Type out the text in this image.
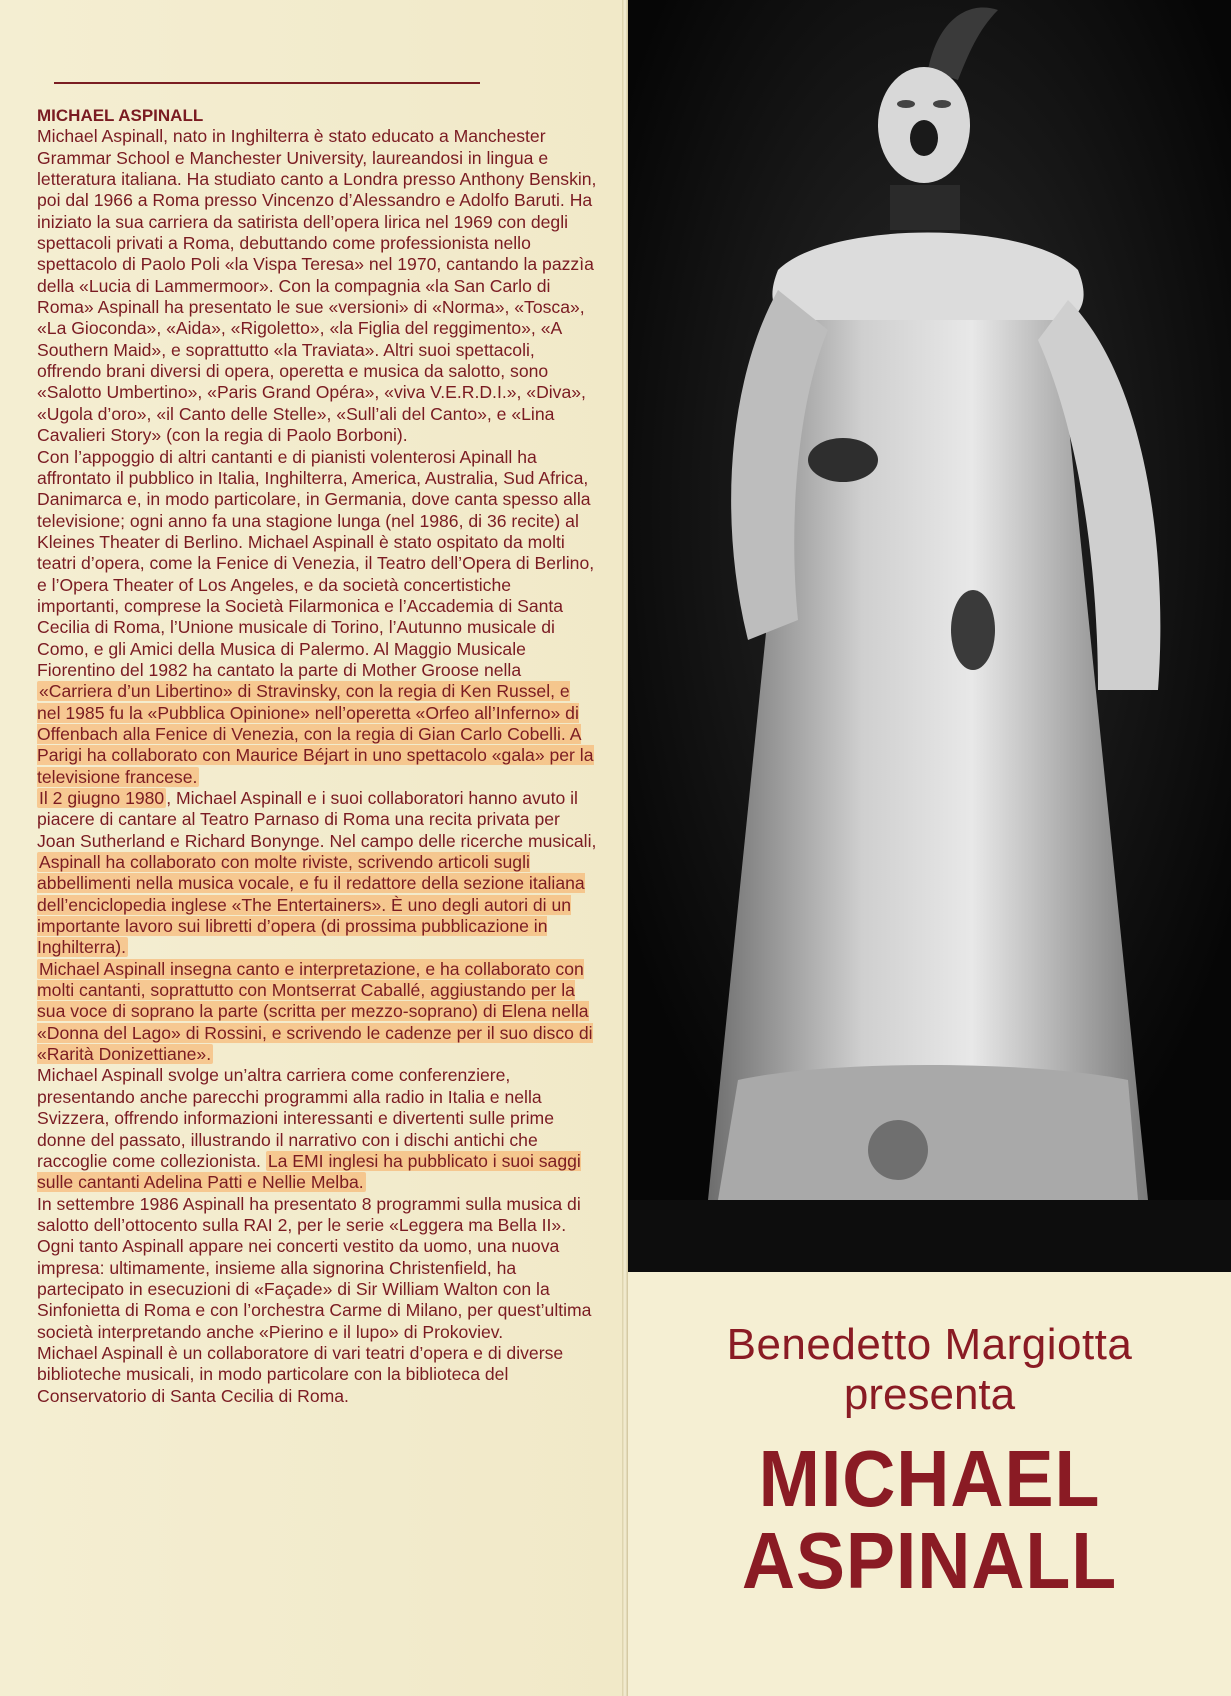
MICHAEL ASPINALL

Michael Aspinall, nato in Inghilterra è stato educato a Manchester Grammar School e Manchester University, laureandosi in lingua e letteratura italiana. Ha studiato canto a Londra presso Anthony Benskin, poi dal 1966 a Roma presso Vincenzo d’Alessandro e Adolfo Baruti. Ha iniziato la sua carriera da satirista dell’opera lirica nel 1969 con degli spettacoli privati a Roma, debuttando come professionista nello spettacolo di Paolo Poli «la Vispa Teresa» nel 1970, cantando la pazzìa della «Lucia di Lammermoor». Con la compagnia «la San Carlo di Roma» Aspinall ha presentato le sue «versioni» di «Norma», «Tosca», «La Gioconda», «Aida», «Rigoletto», «la Figlia del reggimento», «A Southern Maid», e soprattutto «la Traviata». Altri suoi spettacoli, offrendo brani diversi di opera, operetta e musica da salotto, sono «Salotto Umbertino», «Paris Grand Opéra», «viva V.E.R.D.I.», «Diva», «Ugola d’oro», «il Canto delle Stelle», «Sull’ali del Canto», e «Lina Cavalieri Story» (con la regia di Paolo Borboni).

Con l’appoggio di altri cantanti e di pianisti volenterosi Apinall ha affrontato il pubblico in Italia, Inghilterra, America, Australia, Sud Africa, Danimarca e, in modo particolare, in Germania, dove canta spesso alla televisione; ogni anno fa una stagione lunga (nel 1986, di 36 recite) al Kleines Theater di Berlino. Michael Aspinall è stato ospitato da molti teatri d’opera, come la Fenice di Venezia, il Teatro dell’Opera di Berlino, e l’Opera Theater of Los Angeles, e da società concertistiche importanti, comprese la Società Filarmonica e l’Accademia di Santa Cecilia di Roma, l’Unione musicale di Torino, l’Autunno musicale di Como, e gli Amici della Musica di Palermo. Al Maggio Musicale Fiorentino del 1982 ha cantato la parte di Mother Groose nella «Carriera d’un Libertino» di Stravinsky, con la regia di Ken Russel, e nel 1985 fu la «Pubblica Opinione» nell’operetta «Orfeo all’Inferno» di Offenbach alla Fenice di Venezia, con la regia di Gian Carlo Cobelli. A Parigi ha collaborato con Maurice Béjart in uno spettacolo «gala» per la televisione francese.

Il 2 giugno 1980 , Michael Aspinall e i suoi collaboratori hanno avuto il piacere di cantare al Teatro Parnaso di Roma una recita privata per Joan Sutherland e Richard Bonynge. Nel campo delle ricerche musicali, Aspinall ha collaborato con molte riviste, scrivendo articoli sugli abbellimenti nella musica vocale, e fu il redattore della sezione italiana dell’enciclopedia inglese «The Entertainers». È uno degli autori di un importante lavoro sui libretti d’opera (di prossima pubblicazione in Inghilterra).

Michael Aspinall insegna canto e interpretazione, e ha collaborato con molti cantanti, soprattutto con Montserrat Caballé, aggiustando per la sua voce di soprano la parte (scritta per mezzo-soprano) di Elena nella «Donna del Lago» di Rossini, e scrivendo le cadenze per il suo disco di «Rarità Donizettiane».

Michael Aspinall svolge un’altra carriera come conferenziere, presentando anche parecchi programmi alla radio in Italia e nella Svizzera, offrendo informazioni interessanti e divertenti sulle prime donne del passato, illustrando il narrativo con i dischi antichi che raccoglie come collezionista. La EMI inglesi ha pubblicato i suoi saggi sulle cantanti Adelina Patti e Nellie Melba.

In settembre 1986 Aspinall ha presentato 8 programmi sulla musica di salotto dell’ottocento sulla RAI 2, per le serie «Leggera ma Bella II».

Ogni tanto Aspinall appare nei concerti vestito da uomo, una nuova impresa: ultimamente, insieme alla signorina Christenfield, ha partecipato in esecuzioni di «Façade» di Sir William Walton con la Sinfonietta di Roma e con l’orchestra Carme di Milano, per quest’ultima società interpretando anche «Pierino e il lupo» di Prokoviev.

Michael Aspinall è un collaboratore di vari teatri d’opera e di diverse biblioteche musicali, in modo particolare con la biblioteca del Conservatorio di Santa Cecilia di Roma.

Benedetto Margiotta
presenta
MICHAEL
ASPINALL
